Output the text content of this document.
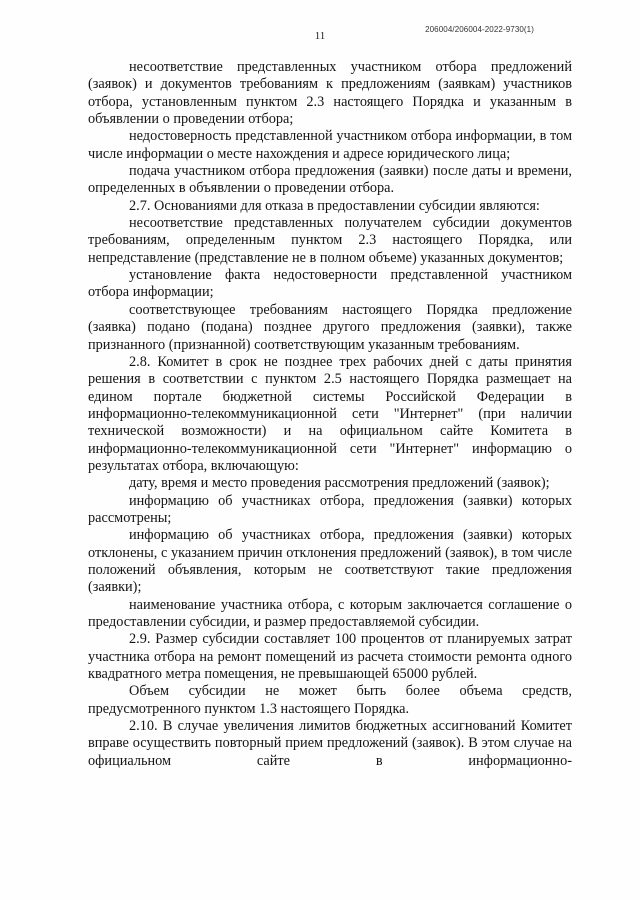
206004/206004-2022-9730(1)
11

несоответствие представленных участником отбора предложений (заявок) и документов требованиям к предложениям (заявкам) участников отбора, установленным пунктом 2.3 настоящего Порядка и указанным в объявлении о проведении отбора;

недостоверность представленной участником отбора информации, в том числе информации о месте нахождения и адресе юридического лица;

подача участником отбора предложения (заявки) после даты и времени, определенных в объявлении о проведении отбора.

2.7. Основаниями для отказа в предоставлении субсидии являются:

несоответствие представленных получателем субсидии документов требованиям, определенным пунктом 2.3 настоящего Порядка, или непредставление (представление не в полном объеме) указанных документов;

установление факта недостоверности представленной участником отбора информации;

соответствующее требованиям настоящего Порядка предложение (заявка) подано (подана) позднее другого предложения (заявки), также признанного (признанной) соответствующим указанным требованиям.

2.8. Комитет в срок не позднее трех рабочих дней с даты принятия решения в соответствии с пунктом 2.5 настоящего Порядка размещает на едином портале бюджетной системы Российской Федерации в информационно-телекоммуникационной сети "Интернет" (при наличии технической возможности) и на официальном сайте Комитета в информационно-телекоммуникационной сети "Интернет" информацию о результатах отбора, включающую:

дату, время и место проведения рассмотрения предложений (заявок);

информацию об участниках отбора, предложения (заявки) которых рассмотрены;

информацию об участниках отбора, предложения (заявки) которых отклонены, с указанием причин отклонения предложений (заявок), в том числе положений объявления, которым не соответствуют такие предложения (заявки);

наименование участника отбора, с которым заключается соглашение о предоставлении субсидии, и размер предоставляемой субсидии.

2.9. Размер субсидии составляет 100 процентов от планируемых затрат участника отбора на ремонт помещений из расчета стоимости ремонта одного квадратного метра помещения, не превышающей 65000 рублей.

Объем субсидии не может быть более объема средств, предусмотренного пунктом 1.3 настоящего Порядка.

2.10. В случае увеличения лимитов бюджетных ассигнований Комитет вправе осуществить повторный прием предложений (заявок). В этом случае на официальном сайте в информационно-
